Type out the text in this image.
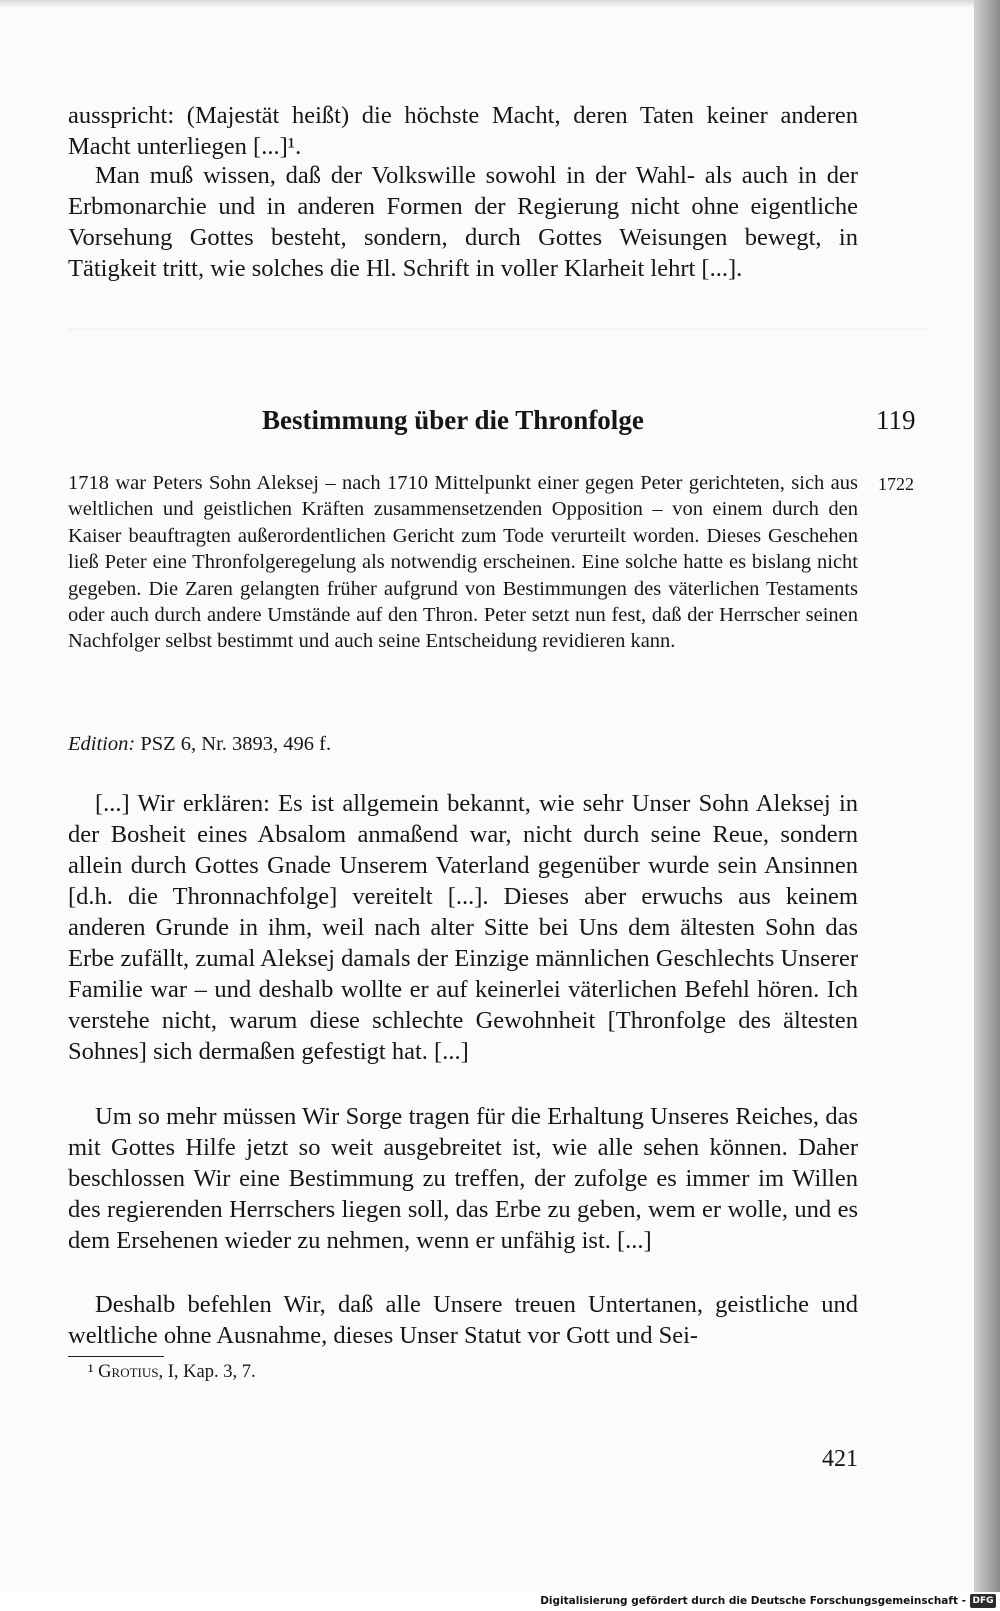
ausspricht: (Majestät heißt) die höchste Macht, deren Taten keiner anderen Macht unterliegen [...]¹.

Man muß wissen, daß der Volkswille sowohl in der Wahl- als auch in der Erbmonarchie und in anderen Formen der Regierung nicht ohne eigentliche Vorsehung Gottes besteht, sondern, durch Gottes Weisungen bewegt, in Tätigkeit tritt, wie solches die Hl. Schrift in voller Klarheit lehrt [...].

Bestimmung über die Thronfolge	119
1722

1718 war Peters Sohn Aleksej – nach 1710 Mittelpunkt einer gegen Peter gerichteten, sich aus weltlichen und geistlichen Kräften zusammensetzenden Opposition – von einem durch den Kaiser beauftragten außerordentlichen Gericht zum Tode verurteilt worden. Dieses Geschehen ließ Peter eine Thronfolgeregelung als notwendig erscheinen. Eine solche hatte es bislang nicht gegeben. Die Zaren gelangten früher aufgrund von Bestimmungen des väterlichen Testaments oder auch durch andere Umstände auf den Thron. Peter setzt nun fest, daß der Herrscher seinen Nachfolger selbst bestimmt und auch seine Entscheidung revidieren kann.

Edition: PSZ 6, Nr. 3893, 496 f.

[...] Wir erklären: Es ist allgemein bekannt, wie sehr Unser Sohn Aleksej in der Bosheit eines Absalom anmaßend war, nicht durch seine Reue, sondern allein durch Gottes Gnade Unserem Vaterland gegenüber wurde sein Ansinnen [d.h. die Thronnachfolge] vereitelt [...]. Dieses aber erwuchs aus keinem anderen Grunde in ihm, weil nach alter Sitte bei Uns dem ältesten Sohn das Erbe zufällt, zumal Aleksej damals der Einzige männlichen Geschlechts Unserer Familie war – und deshalb wollte er auf keinerlei väterlichen Befehl hören. Ich verstehe nicht, warum diese schlechte Gewohnheit [Thronfolge des ältesten Sohnes] sich dermaßen gefestigt hat. [...]

Um so mehr müssen Wir Sorge tragen für die Erhaltung Unseres Reiches, das mit Gottes Hilfe jetzt so weit ausgebreitet ist, wie alle sehen können. Daher beschlossen Wir eine Bestimmung zu treffen, der zufolge es immer im Willen des regierenden Herrschers liegen soll, das Erbe zu geben, wem er wolle, und es dem Ersehenen wieder zu nehmen, wenn er unfähig ist. [...]

Deshalb befehlen Wir, daß alle Unsere treuen Untertanen, geistliche und weltliche ohne Ausnahme, dieses Unser Statut vor Gott und Sei-

¹ Grotius, I, Kap. 3, 7.
421
Digitalisierung gefördert durch die Deutsche Forschungsgemeinschaft - DFG
